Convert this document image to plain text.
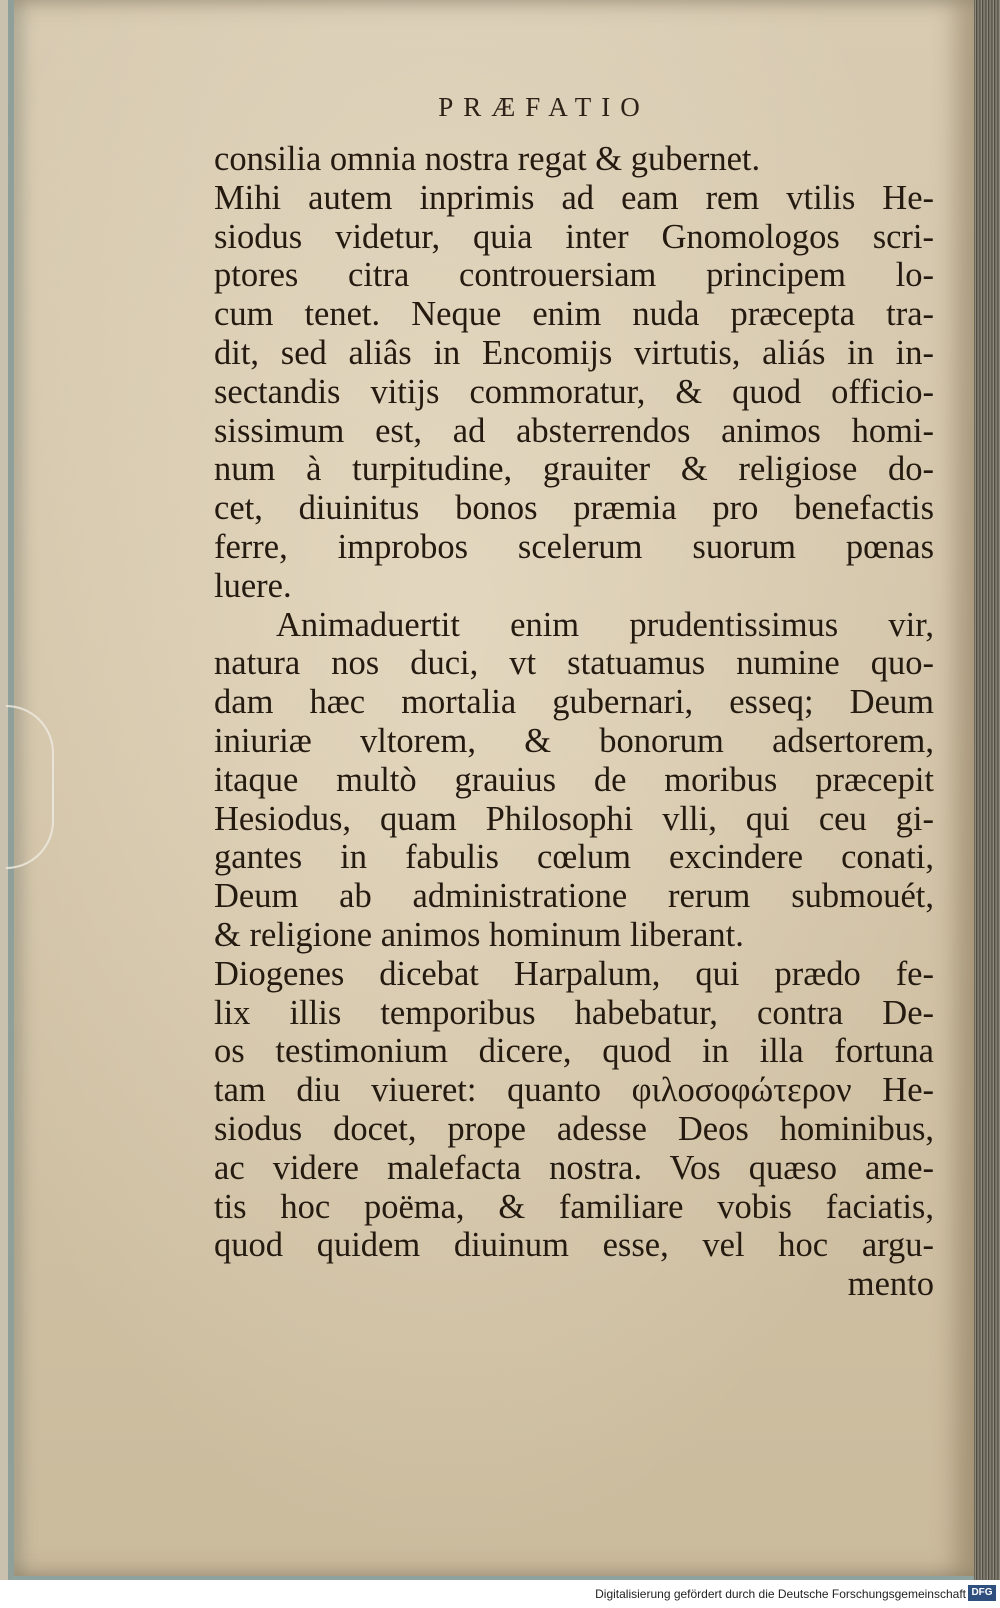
PRÆFATIO
consilia omnia nostra regat & gubernet.
Mihi autem inprimis ad eam rem vtilis He-
siodus videtur, quia inter Gnomologos scri-
ptores citra controuersiam principem lo-
cum tenet. Neque enim nuda præcepta tra-
dit, sed aliâs in Encomijs virtutis, aliás in in-
sectandis vitijs commoratur, & quod officio-
sissimum est, ad absterrendos animos homi-
num à turpitudine, grauiter & religiose do-
cet, diuinitus bonos præmia pro benefactis
ferre, improbos scelerum suorum pœnas
luere.
Animaduertit enim prudentissimus vir,
natura nos duci, vt statuamus numine quo-
dam hæc mortalia gubernari, esseq; Deum
iniuriæ vltorem, & bonorum adsertorem,
itaque multò grauius de moribus præcepit
Hesiodus, quam Philosophi vlli, qui ceu gi-
gantes in fabulis cœlum excindere conati,
Deum ab administratione rerum submouét,
& religione animos hominum liberant.
Diogenes dicebat Harpalum, qui prædo fe-
lix illis temporibus habebatur, contra De-
os testimonium dicere, quod in illa fortuna
tam diu viueret: quanto φιλοσοφώτερον He-
siodus docet, prope adesse Deos hominibus,
ac videre malefacta nostra. Vos quæso ame-
tis hoc poëma, & familiare vobis faciatis,
quod quidem diuinum esse, vel hoc argu-
mento
Digitalisierung gefördert durch die Deutsche Forschungsgemeinschaft DFG
